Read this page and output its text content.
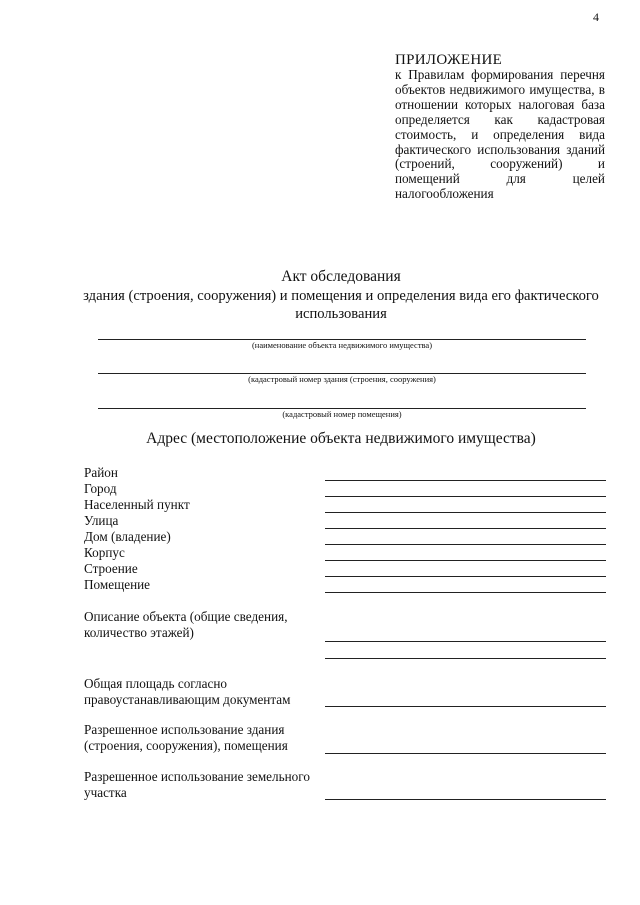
4
ПРИЛОЖЕНИЕ
к Правилам формирования перечня объектов недвижимого имущества, в отношении которых налоговая база определяется как кадастровая стоимость, и определения вида фактического использования зданий (строений, сооружений) и помещений для целей налогообложения
Акт обследования
здания (строения, сооружения) и помещения и определения вида его фактического использования
(наименование объекта недвижимого имущества)
(кадастровый номер здания (строения, сооружения)
(кадастровый номер помещения)
Адрес (местоположение объекта недвижимого имущества)
Район
Город
Населенный пункт
Улица
Дом (владение)
Корпус
Строение
Помещение
Описание объекта (общие сведения, количество этажей)
Общая площадь согласно правоустанавливающим документам
Разрешенное использование здания (строения, сооружения), помещения
Разрешенное использование земельного участка
